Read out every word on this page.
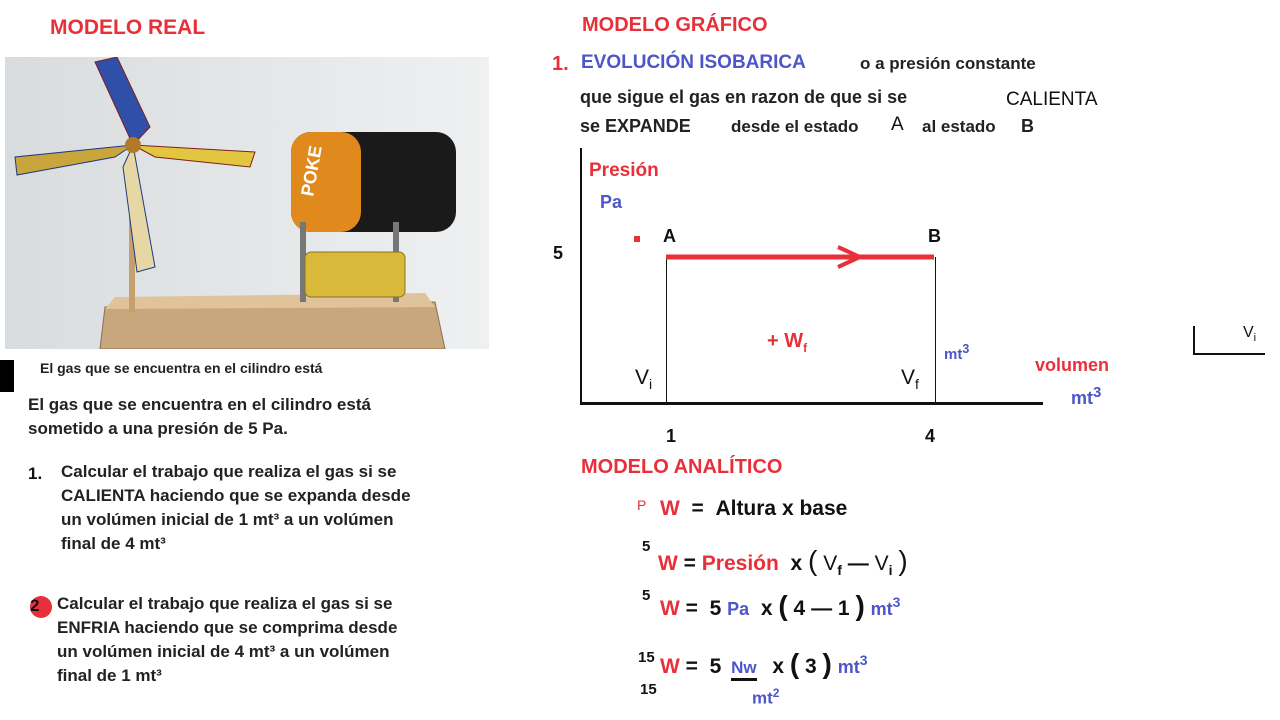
MODELO REAL
POKE
El gas que se encuentra en el cilindro está
El gas que se encuentra en el cilindro está
sometido a una presión de 5 Pa.
1. Calcular el trabajo que realiza el gas si se
CALIENTA haciendo que se expanda desde
un volúmen inicial de 1 mt³ a un volúmen
final de 4 mt³
2 Calcular el trabajo que realiza el gas si se
ENFRIA haciendo que se comprima desde
un volúmen inicial de 4 mt³ a un volúmen
final de 1 mt³
MODELO GRÁFICO
1. EVOLUCIÓN ISOBARICA	o a presión constante
que sigue el gas en razon de que si se	CALIENTA
se EXPANDE desde el estado A al estado B
Presión
Pa
5
A	B
+ $W_f$	$mt^3$
$V_i$	$V_f$
volumen
$mt^3$
1	4
$V_i$
MODELO ANALÍTICO
P W = Altura x base
5
W = Presión x ( $V_f$ — $V_i$ )
5
W = 5 Pa x ( 4 — 1 ) $mt^3$
15
15
W = 5 Nw x ( 3 ) $mt^3$
$mt^2$
